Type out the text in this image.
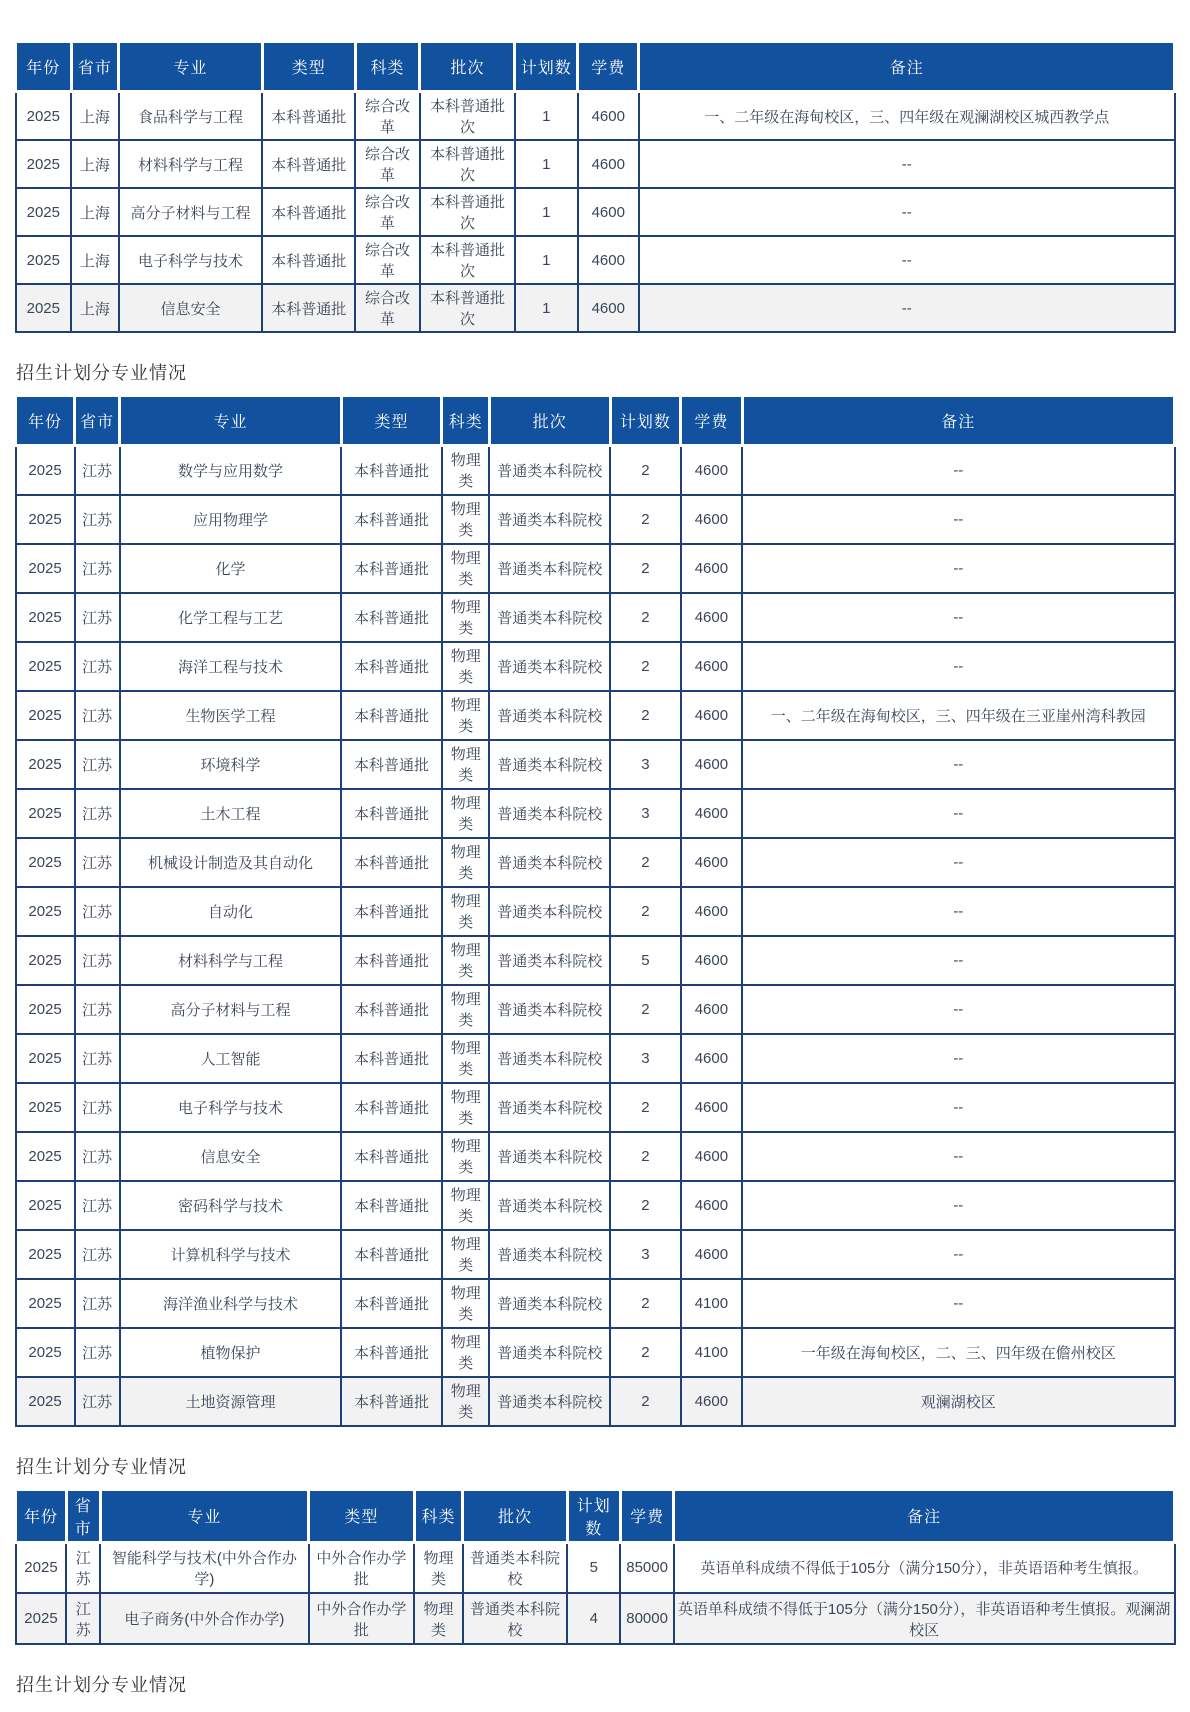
年份	省市	专业	类型	科类	批次	计划数	学费	备注
2025	上海	食品科学与工程	本科普通批	综合改革	本科普通批次	1	4600	一、二年级在海甸校区，三、四年级在观澜湖校区城西教学点
2025	上海	材料科学与工程	本科普通批	综合改革	本科普通批次	1	4600	--
2025	上海	高分子材料与工程	本科普通批	综合改革	本科普通批次	1	4600	--
2025	上海	电子科学与技术	本科普通批	综合改革	本科普通批次	1	4600	--
2025	上海	信息安全	本科普通批	综合改革	本科普通批次	1	4600	--
招生计划分专业情况
年份	省市	专业	类型	科类	批次	计划数	学费	备注
2025	江苏	数学与应用数学	本科普通批	物理类	普通类本科院校	2	4600	--
2025	江苏	应用物理学	本科普通批	物理类	普通类本科院校	2	4600	--
2025	江苏	化学	本科普通批	物理类	普通类本科院校	2	4600	--
2025	江苏	化学工程与工艺	本科普通批	物理类	普通类本科院校	2	4600	--
2025	江苏	海洋工程与技术	本科普通批	物理类	普通类本科院校	2	4600	--
2025	江苏	生物医学工程	本科普通批	物理类	普通类本科院校	2	4600	一、二年级在海甸校区，三、四年级在三亚崖州湾科教园
2025	江苏	环境科学	本科普通批	物理类	普通类本科院校	3	4600	--
2025	江苏	土木工程	本科普通批	物理类	普通类本科院校	3	4600	--
2025	江苏	机械设计制造及其自动化	本科普通批	物理类	普通类本科院校	2	4600	--
2025	江苏	自动化	本科普通批	物理类	普通类本科院校	2	4600	--
2025	江苏	材料科学与工程	本科普通批	物理类	普通类本科院校	5	4600	--
2025	江苏	高分子材料与工程	本科普通批	物理类	普通类本科院校	2	4600	--
2025	江苏	人工智能	本科普通批	物理类	普通类本科院校	3	4600	--
2025	江苏	电子科学与技术	本科普通批	物理类	普通类本科院校	2	4600	--
2025	江苏	信息安全	本科普通批	物理类	普通类本科院校	2	4600	--
2025	江苏	密码科学与技术	本科普通批	物理类	普通类本科院校	2	4600	--
2025	江苏	计算机科学与技术	本科普通批	物理类	普通类本科院校	3	4600	--
2025	江苏	海洋渔业科学与技术	本科普通批	物理类	普通类本科院校	2	4100	--
2025	江苏	植物保护	本科普通批	物理类	普通类本科院校	2	4100	一年级在海甸校区，二、三、四年级在儋州校区
2025	江苏	土地资源管理	本科普通批	物理类	普通类本科院校	2	4600	观澜湖校区
招生计划分专业情况
年份	省市	专业	类型	科类	批次	计划数	学费	备注
2025	江苏	智能科学与技术(中外合作办学)	中外合作办学批	物理类	普通类本科院校	5	85000	英语单科成绩不得低于105分（满分150分），非英语语种考生慎报。
2025	江苏	电子商务(中外合作办学)	中外合作办学批	物理类	普通类本科院校	4	80000	英语单科成绩不得低于105分（满分150分），非英语语种考生慎报。观澜湖校区
招生计划分专业情况
